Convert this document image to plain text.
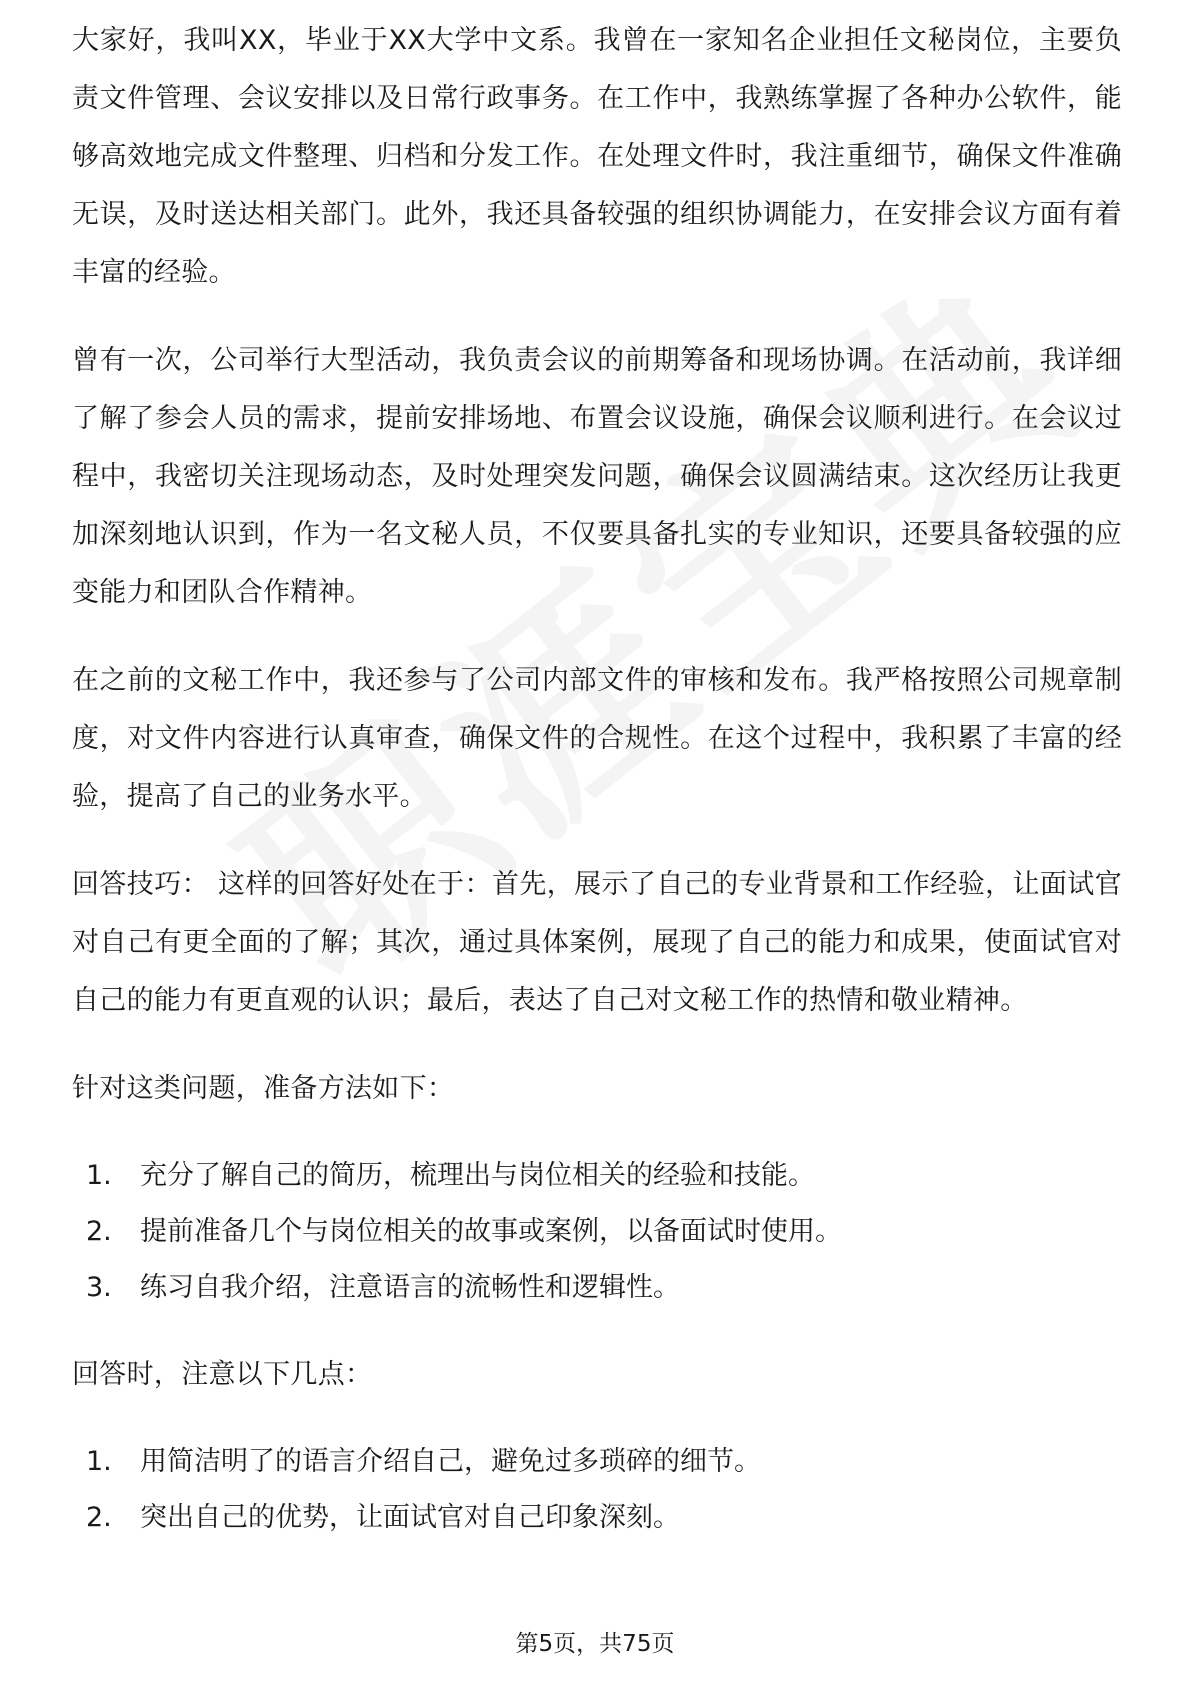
大家好，我叫XX，毕业于XX大学中文系。我曾在一家知名企业担任文秘岗位，主要负责文件管理、会议安排以及日常行政事务。在工作中，我熟练掌握了各种办公软件，能够高效地完成文件整理、归档和分发工作。在处理文件时，我注重细节，确保文件准确无误，及时送达相关部门。此外，我还具备较强的组织协调能力，在安排会议方面有着丰富的经验。

曾有一次，公司举行大型活动，我负责会议的前期筹备和现场协调。在活动前，我详细了解了参会人员的需求，提前安排场地、布置会议设施，确保会议顺利进行。在会议过程中，我密切关注现场动态，及时处理突发问题，确保会议圆满结束。这次经历让我更加深刻地认识到，作为一名文秘人员，不仅要具备扎实的专业知识，还要具备较强的应变能力和团队合作精神。

在之前的文秘工作中，我还参与了公司内部文件的审核和发布。我严格按照公司规章制度，对文件内容进行认真审查，确保文件的合规性。在这个过程中，我积累了丰富的经验，提高了自己的业务水平。

回答技巧： 这样的回答好处在于：首先，展示了自己的专业背景和工作经验，让面试官对自己有更全面的了解；其次，通过具体案例，展现了自己的能力和成果，使面试官对自己的能力有更直观的认识；最后，表达了自己对文秘工作的热情和敬业精神。

针对这类问题，准备方法如下：

1. 充分了解自己的简历，梳理出与岗位相关的经验和技能。
2. 提前准备几个与岗位相关的故事或案例，以备面试时使用。
3. 练习自我介绍，注意语言的流畅性和逻辑性。

回答时，注意以下几点：

1. 用简洁明了的语言介绍自己，避免过多琐碎的细节。
2. 突出自己的优势，让面试官对自己印象深刻。
第5页，共75页
